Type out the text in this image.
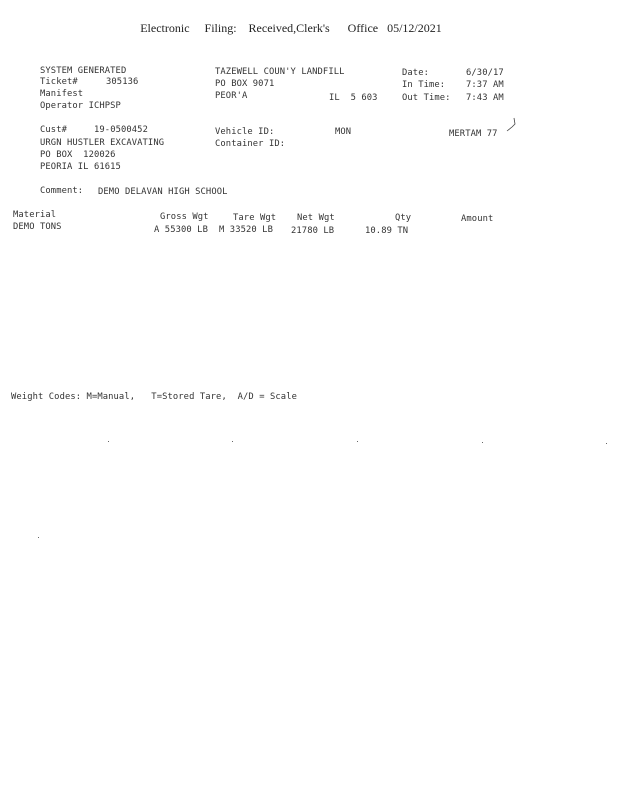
Electronic     Filing:    Received,Clerk's      Office   05/12/2021
SYSTEM GENERATED
Ticket#	305136
Manifest
Operator ICHPSP
TAZEWELL COUN'Y LANDFILL
PO BOX 9071
PEOR'A	IL  5 603
Date:	6/30/17
In Time: 7:37 AM
Out Time: 7:43 AM
Cust#	19-0500452
URGN HUSTLER EXCAVATING
PO BOX  120026
PEORIA IL 61615
Vehicle ID:	MON
Container ID:
MERTAM 77
Comment: DEMO DELAVAN HIGH SCHOOL
Material	Gross Wgt	Tare Wgt Net Wgt	Qty	Amount
DEMO TONS	A 55300 LB M 33520 LB 21780 LB	10.89 TN
Weight Codes: M=Manual,   T=Stored Tare,  A/D = Scale
